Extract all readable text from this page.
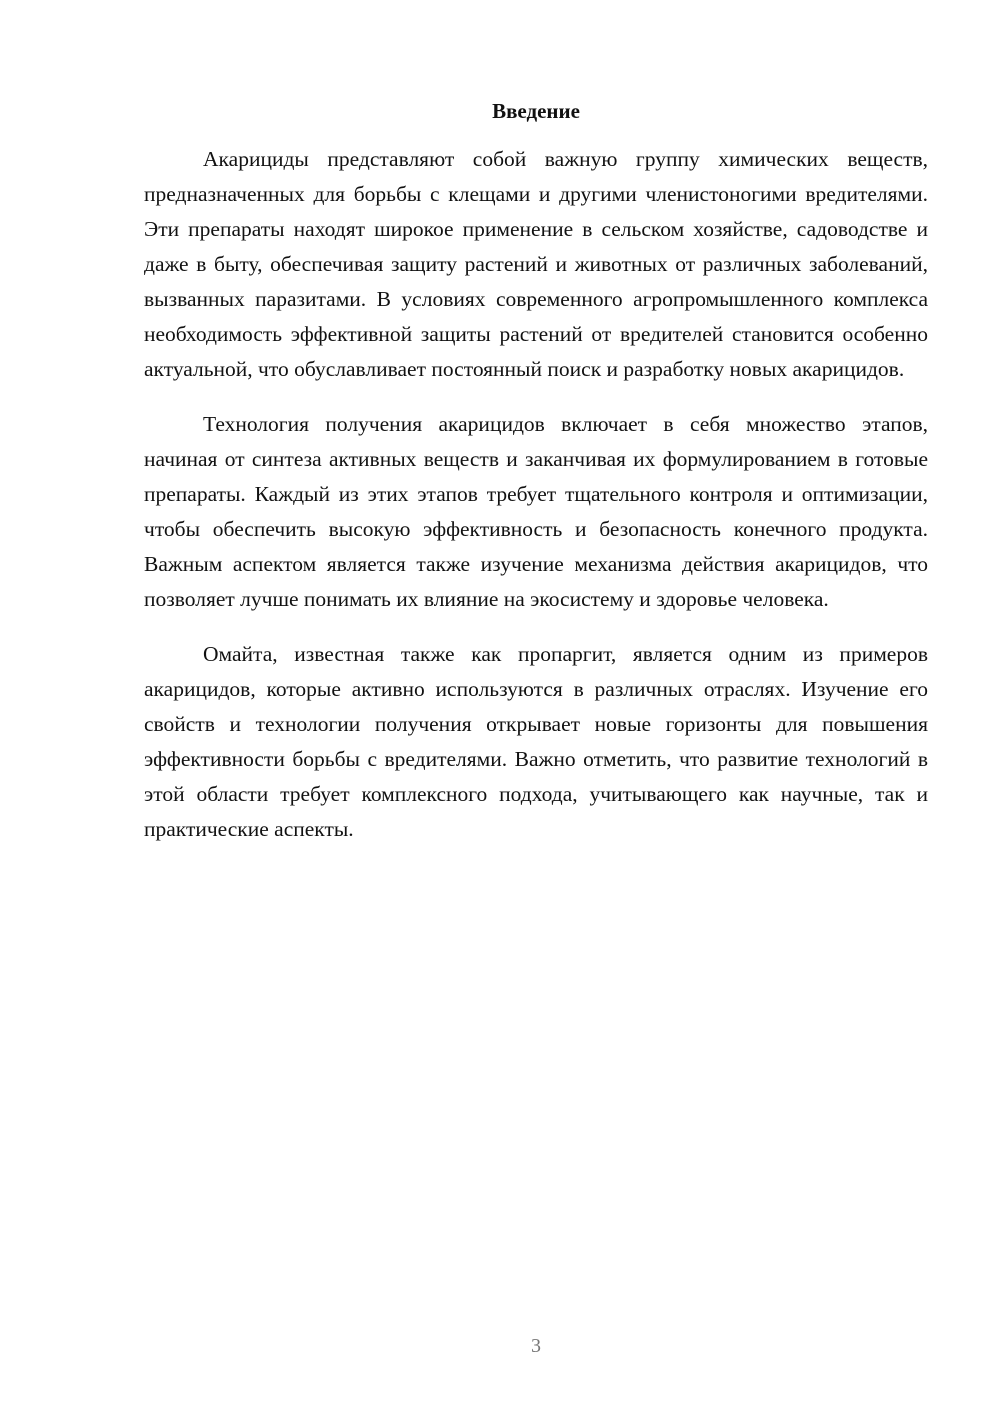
Введение

Акарициды представляют собой важную группу химических веществ, предназначенных для борьбы с клещами и другими членистоногими вредителями. Эти препараты находят широкое применение в сельском хозяйстве, садоводстве и даже в быту, обеспечивая защиту растений и животных от различных заболеваний, вызванных паразитами. В условиях современного агропромышленного комплекса необходимость эффективной защиты растений от вредителей становится особенно актуальной, что обуславливает постоянный поиск и разработку новых акарицидов.

Технология получения акарицидов включает в себя множество этапов, начиная от синтеза активных веществ и заканчивая их формулированием в готовые препараты. Каждый из этих этапов требует тщательного контроля и оптимизации, чтобы обеспечить высокую эффективность и безопасность конечного продукта. Важным аспектом является также изучение механизма действия акарицидов, что позволяет лучше понимать их влияние на экосистему и здоровье человека.

Омайта, известная также как пропаргит, является одним из примеров акарицидов, которые активно используются в различных отраслях. Изучение его свойств и технологии получения открывает новые горизонты для повышения эффективности борьбы с вредителями. Важно отметить, что развитие технологий в этой области требует комплексного подхода, учитывающего как научные, так и практические аспекты.

3
